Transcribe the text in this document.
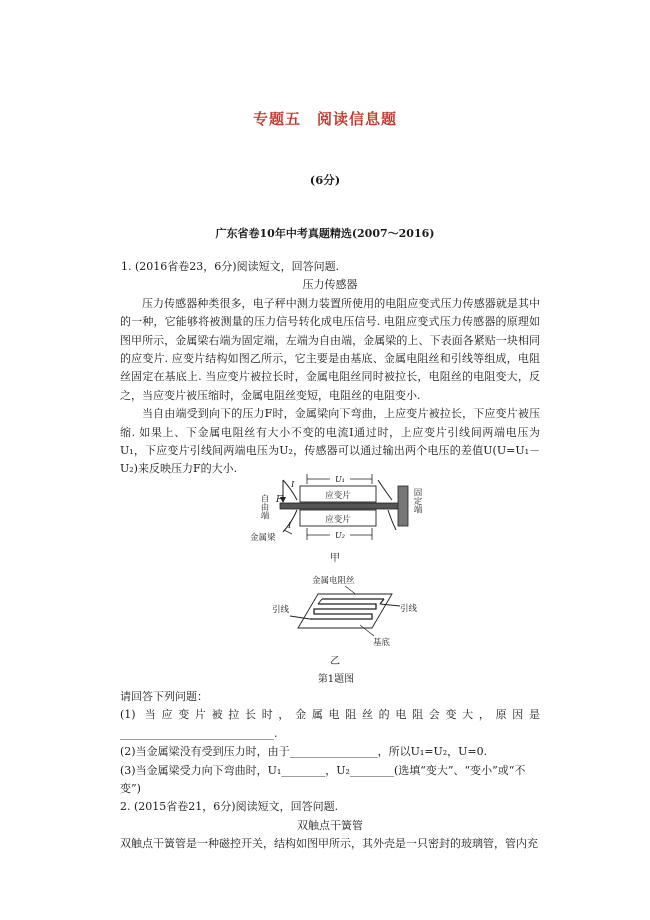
专题五　阅读信息题
(6分)
广东省卷10年中考真题精选(2007～2016)
1. (2016省卷23，6分)阅读短文，回答问题.
压力传感器

压力传感器种类很多，电子秤中测力装置所使用的电阻应变式压力传感器就是其中的一种，它能够将被测量的压力信号转化成电压信号. 电阻应变式压力传感器的原理如图甲所示，金属梁右端为固定端，左端为自由端，金属梁的上、下表面各紧贴一块相同的应变片. 应变片结构如图乙所示，它主要是由基底、金属电阻丝和引线等组成，电阻丝固定在基底上. 当应变片被拉长时，金属电阻丝同时被拉长，电阻丝的电阻变大，反之，当应变片被压缩时，金属电阻丝变短，电阻丝的电阻变小.

当自由端受到向下的压力F时，金属梁向下弯曲，上应变片被拉长，下应变片被压缩. 如果上、下金属电阻丝有大小不变的电流I通过时，上应变片引线间两端电压为U₁，下应变片引线间两端电压为U₂，传感器可以通过输出两个电压的差值U(U=U₁－U₂)来反映压力F的大小.

U₁
应变片
应变片
U₂
F
I
I
自由端	固定端
金属梁
甲
金属电阻丝
引线	引线
基底
乙
第1题图
请回答下列问题：
(1) 当应变片被拉长时，金属电阻丝的电阻会变大，原因是
____________________________.
(2)当金属梁没有受到压力时，由于________________，所以U₁=U₂，U=0.
(3)当金属梁受力向下弯曲时，U₁________，U₂________(选填“变大”、“变小”或“不
变”)
2. (2015省卷21，6分)阅读短文，回答问题.
双触点干簧管

双触点干簧管是一种磁控开关，结构如图甲所示，其外壳是一只密封的玻璃管，管内充
